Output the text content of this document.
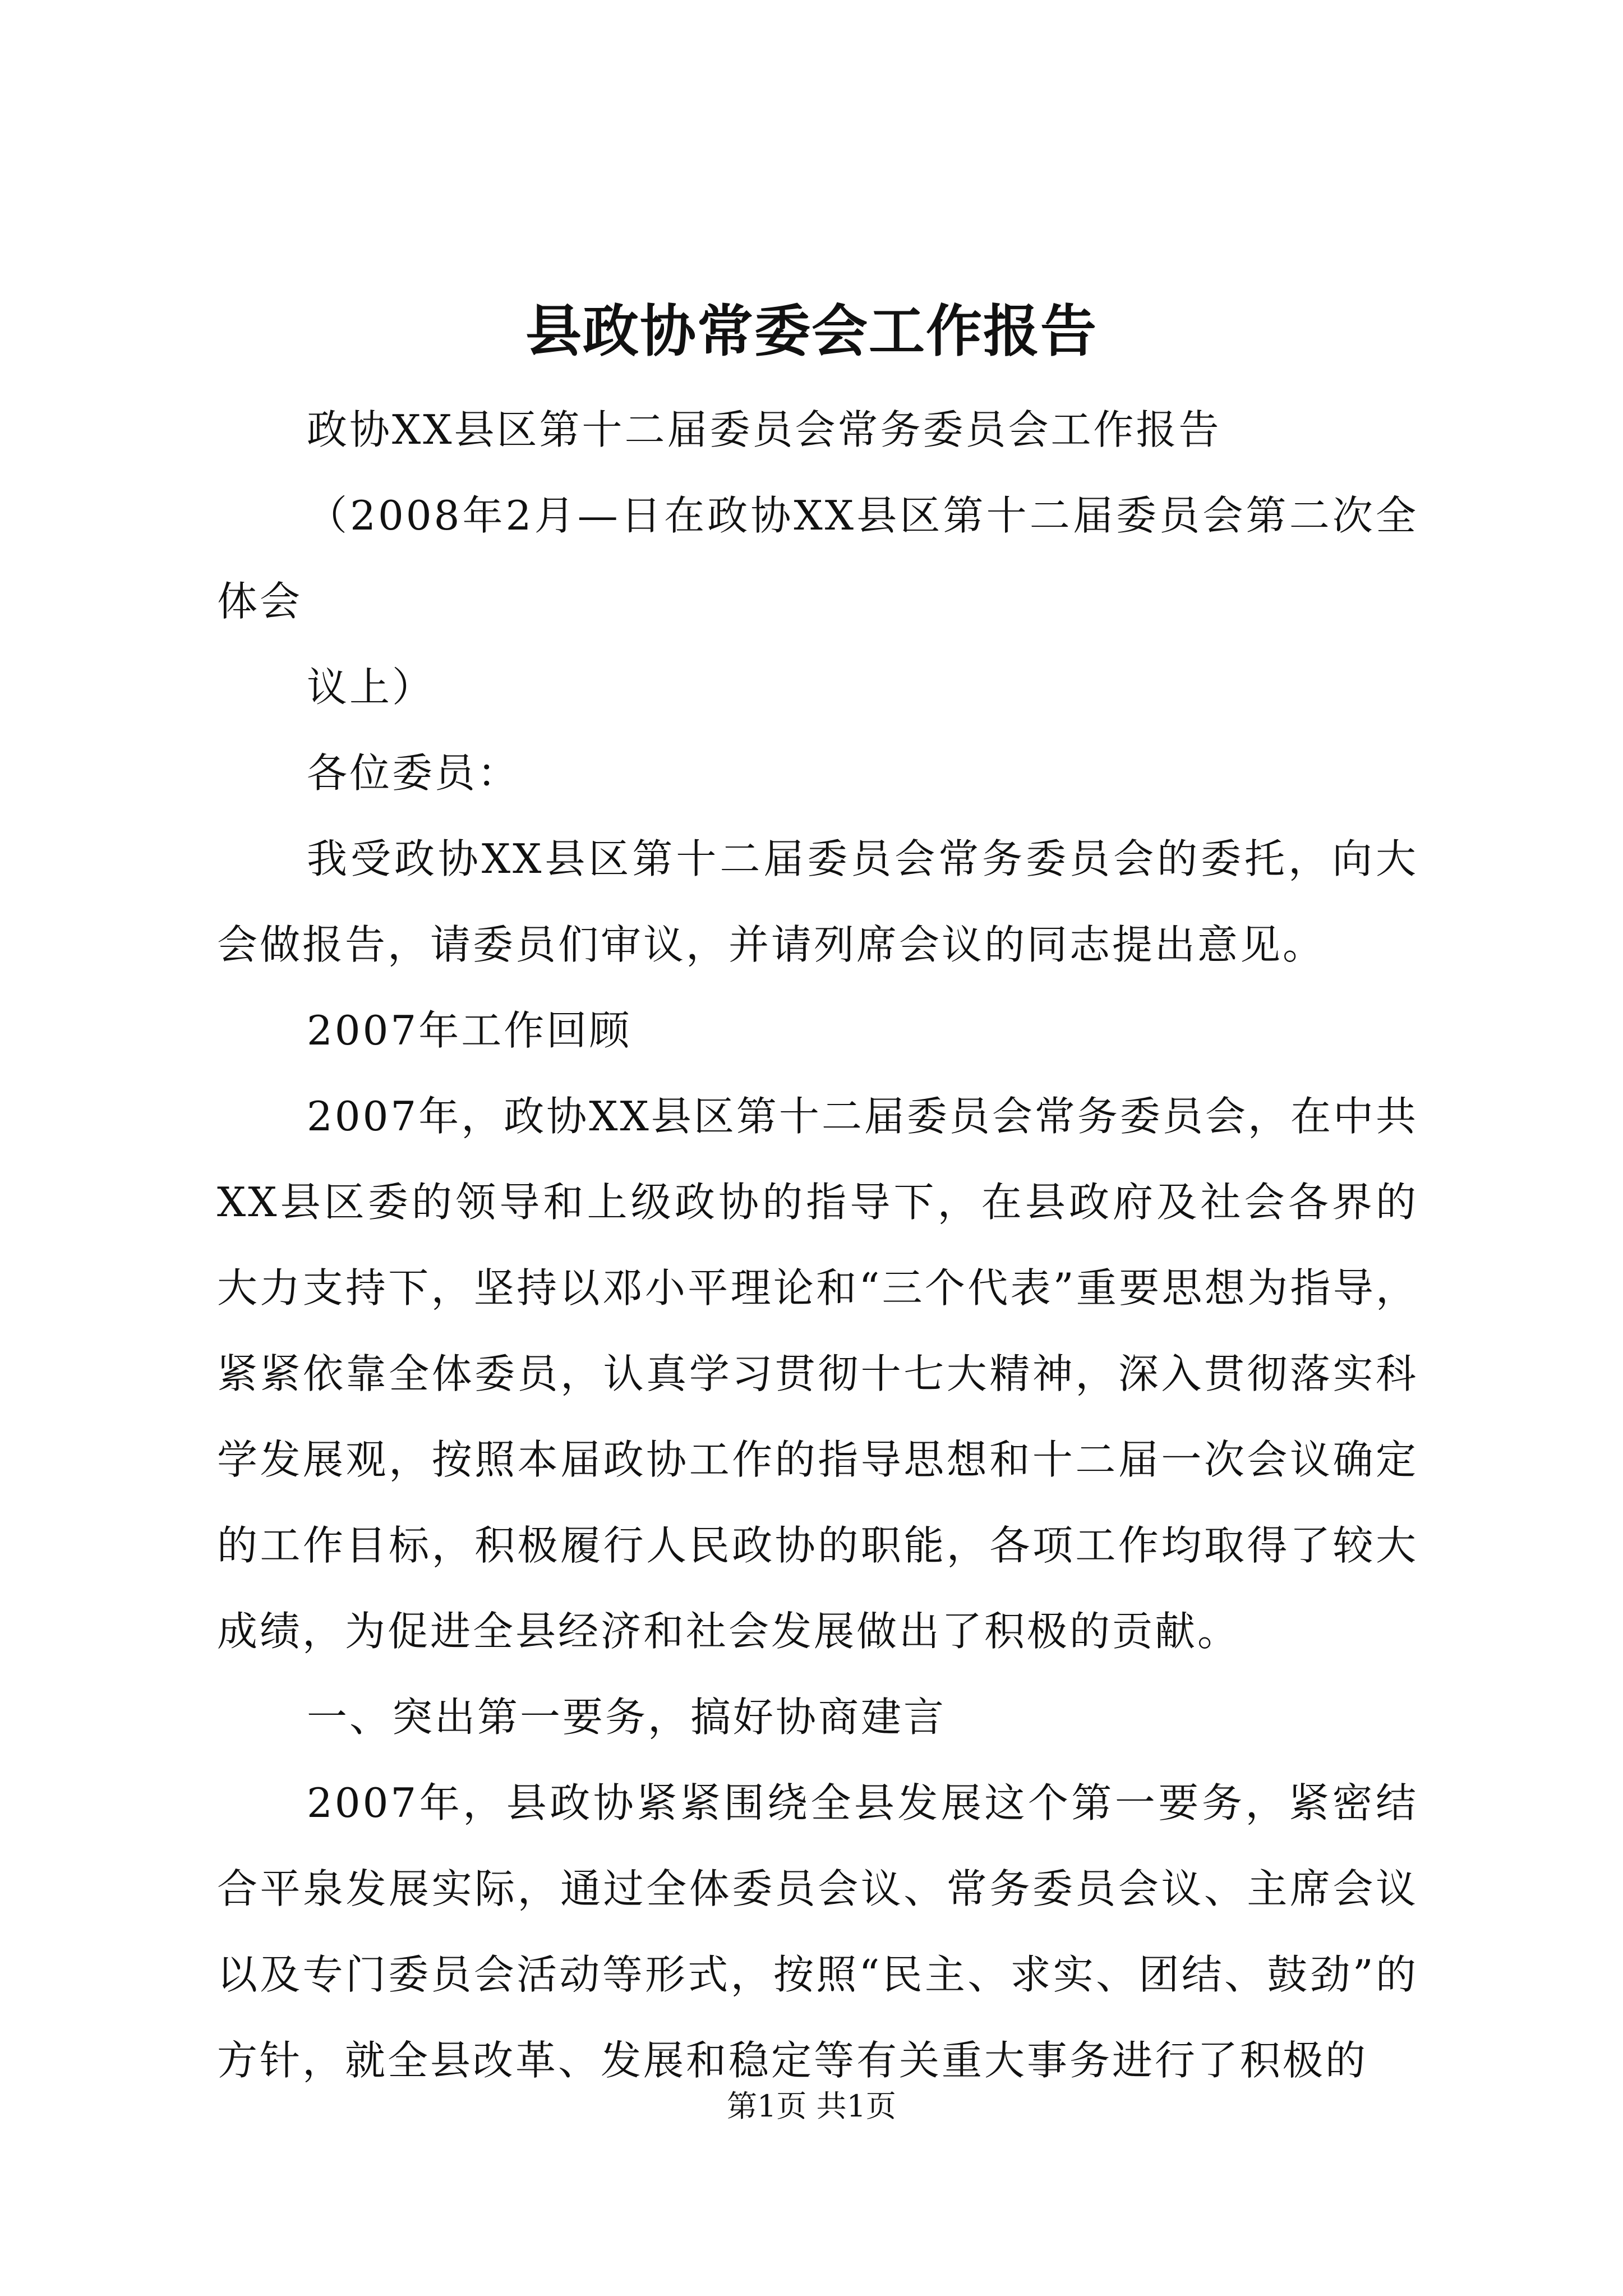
县政协常委会工作报告

政协XX县区第十二届委员会常务委员会工作报告

（2008年2月—日在政协XX县区第十二届委员会第二次全体会

议上）

各位委员：

我受政协XX县区第十二届委员会常务委员会的委托，向大会做报告，请委员们审议，并请列席会议的同志提出意见。

2007年工作回顾

2007年，政协XX县区第十二届委员会常务委员会，在中共XX县区委的领导和上级政协的指导下，在县政府及社会各界的大力支持下，坚持以邓小平理论和“三个代表”重要思想为指导，紧紧依靠全体委员，认真学习贯彻十七大精神，深入贯彻落实科学发展观，按照本届政协工作的指导思想和十二届一次会议确定的工作目标，积极履行人民政协的职能，各项工作均取得了较大成绩，为促进全县经济和社会发展做出了积极的贡献。

一、突出第一要务，搞好协商建言

2007年，县政协紧紧围绕全县发展这个第一要务，紧密结合平泉发展实际，通过全体委员会议、常务委员会议、主席会议以及专门委员会活动等形式，按照“民主、求实、团结、鼓劲”的方针，就全县改革、发展和稳定等有关重大事务进行了积极的

第1页 共1页
